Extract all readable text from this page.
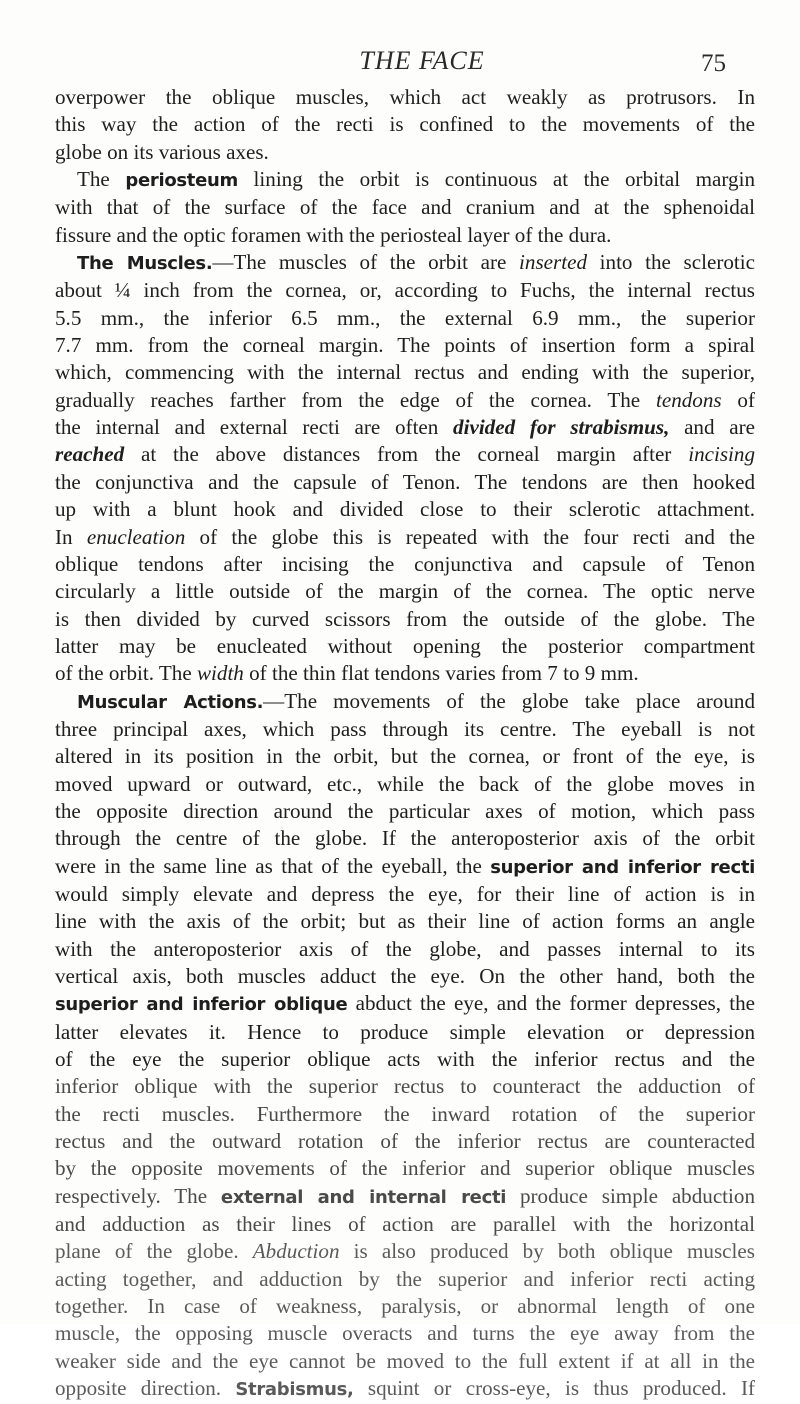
THE FACE	75
overpower the oblique muscles, which act weakly as protrusors. In
this way the action of the recti is confined to the movements of the
globe on its various axes.
The periosteum lining the orbit is continuous at the orbital margin
with that of the surface of the face and cranium and at the sphenoidal
fissure and the optic foramen with the periosteal layer of the dura.
The Muscles.—The muscles of the orbit are inserted into the sclerotic
about ¼ inch from the cornea, or, according to Fuchs, the internal rectus
5.5 mm., the inferior 6.5 mm., the external 6.9 mm., the superior
7.7 mm. from the corneal margin. The points of insertion form a spiral
which, commencing with the internal rectus and ending with the superior,
gradually reaches farther from the edge of the cornea. The tendons of
the internal and external recti are often divided for strabismus, and are
reached at the above distances from the corneal margin after incising
the conjunctiva and the capsule of Tenon. The tendons are then hooked
up with a blunt hook and divided close to their sclerotic attachment.
In enucleation of the globe this is repeated with the four recti and the
oblique tendons after incising the conjunctiva and capsule of Tenon
circularly a little outside of the margin of the cornea. The optic nerve
is then divided by curved scissors from the outside of the globe. The
latter may be enucleated without opening the posterior compartment
of the orbit. The width of the thin flat tendons varies from 7 to 9 mm.
Muscular Actions.—The movements of the globe take place around
three principal axes, which pass through its centre. The eyeball is not
altered in its position in the orbit, but the cornea, or front of the eye, is
moved upward or outward, etc., while the back of the globe moves in
the opposite direction around the particular axes of motion, which pass
through the centre of the globe. If the anteroposterior axis of the orbit
were in the same line as that of the eyeball, the superior and inferior recti
would simply elevate and depress the eye, for their line of action is in
line with the axis of the orbit; but as their line of action forms an angle
with the anteroposterior axis of the globe, and passes internal to its
vertical axis, both muscles adduct the eye. On the other hand, both the
superior and inferior oblique abduct the eye, and the former depresses, the
latter elevates it. Hence to produce simple elevation or depression
of the eye the superior oblique acts with the inferior rectus and the
inferior oblique with the superior rectus to counteract the adduction of
the recti muscles. Furthermore the inward rotation of the superior
rectus and the outward rotation of the inferior rectus are counteracted
by the opposite movements of the inferior and superior oblique muscles
respectively. The external and internal recti produce simple abduction
and adduction as their lines of action are parallel with the horizontal
plane of the globe. Abduction is also produced by both oblique muscles
acting together, and adduction by the superior and inferior recti acting
together. In case of weakness, paralysis, or abnormal length of one
muscle, the opposing muscle overacts and turns the eye away from the
weaker side and the eye cannot be moved to the full extent if at all in the
opposite direction. Strabismus, squint or cross-eye, is thus produced. If
